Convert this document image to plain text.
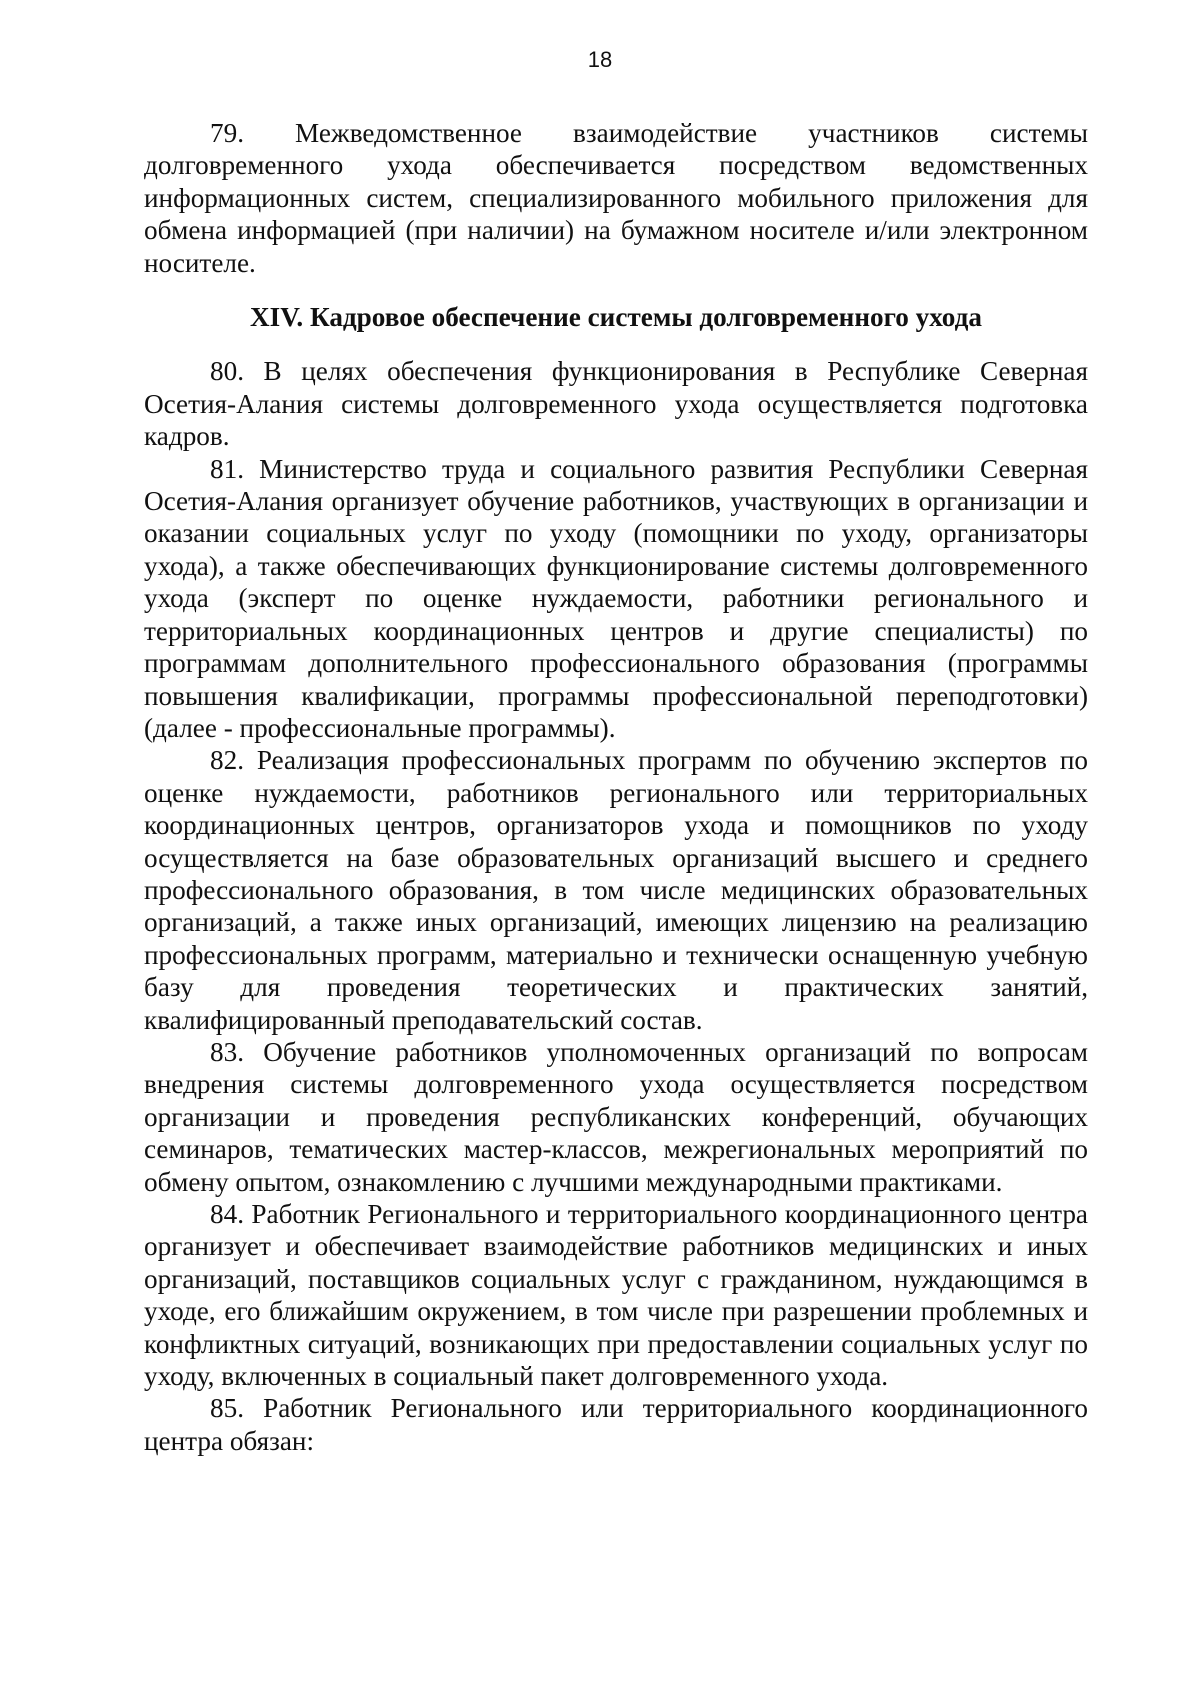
18

79. Межведомственное взаимодействие участников системы долговременного ухода обеспечивается посредством ведомственных информационных систем, специализированного мобильного приложения для обмена информацией (при наличии) на бумажном носителе и/или электронном носителе.

XIV. Кадровое обеспечение системы долговременного ухода

80. В целях обеспечения функционирования в Республике Северная Осетия-Алания системы долговременного ухода осуществляется подготовка кадров.

81. Министерство труда и социального развития Республики Северная Осетия-Алания организует обучение работников, участвующих в организации и оказании социальных услуг по уходу (помощники по уходу, организаторы ухода), а также обеспечивающих функционирование системы долговременного ухода (эксперт по оценке нуждаемости, работники регионального и территориальных координационных центров и другие специалисты) по программам дополнительного профессионального образования (программы повышения квалификации, программы профессиональной переподготовки) (далее - профессиональные программы).

82. Реализация профессиональных программ по обучению экспертов по оценке нуждаемости, работников регионального или территориальных координационных центров, организаторов ухода и помощников по уходу осуществляется на базе образовательных организаций высшего и среднего профессионального образования, в том числе медицинских образовательных организаций, а также иных организаций, имеющих лицензию на реализацию профессиональных программ, материально и технически оснащенную учебную базу для проведения теоретических и практических занятий, квалифицированный преподавательский состав.

83. Обучение работников уполномоченных организаций по вопросам внедрения системы долговременного ухода осуществляется посредством организации и проведения республиканских конференций, обучающих семинаров, тематических мастер-классов, межрегиональных мероприятий по обмену опытом, ознакомлению с лучшими международными практиками.

84. Работник Регионального и территориального координационного центра организует и обеспечивает взаимодействие работников медицинских и иных организаций, поставщиков социальных услуг с гражданином, нуждающимся в уходе, его ближайшим окружением, в том числе при разрешении проблемных и конфликтных ситуаций, возникающих при предоставлении социальных услуг по уходу, включенных в социальный пакет долговременного ухода.

85. Работник Регионального или территориального координационного центра обязан:
